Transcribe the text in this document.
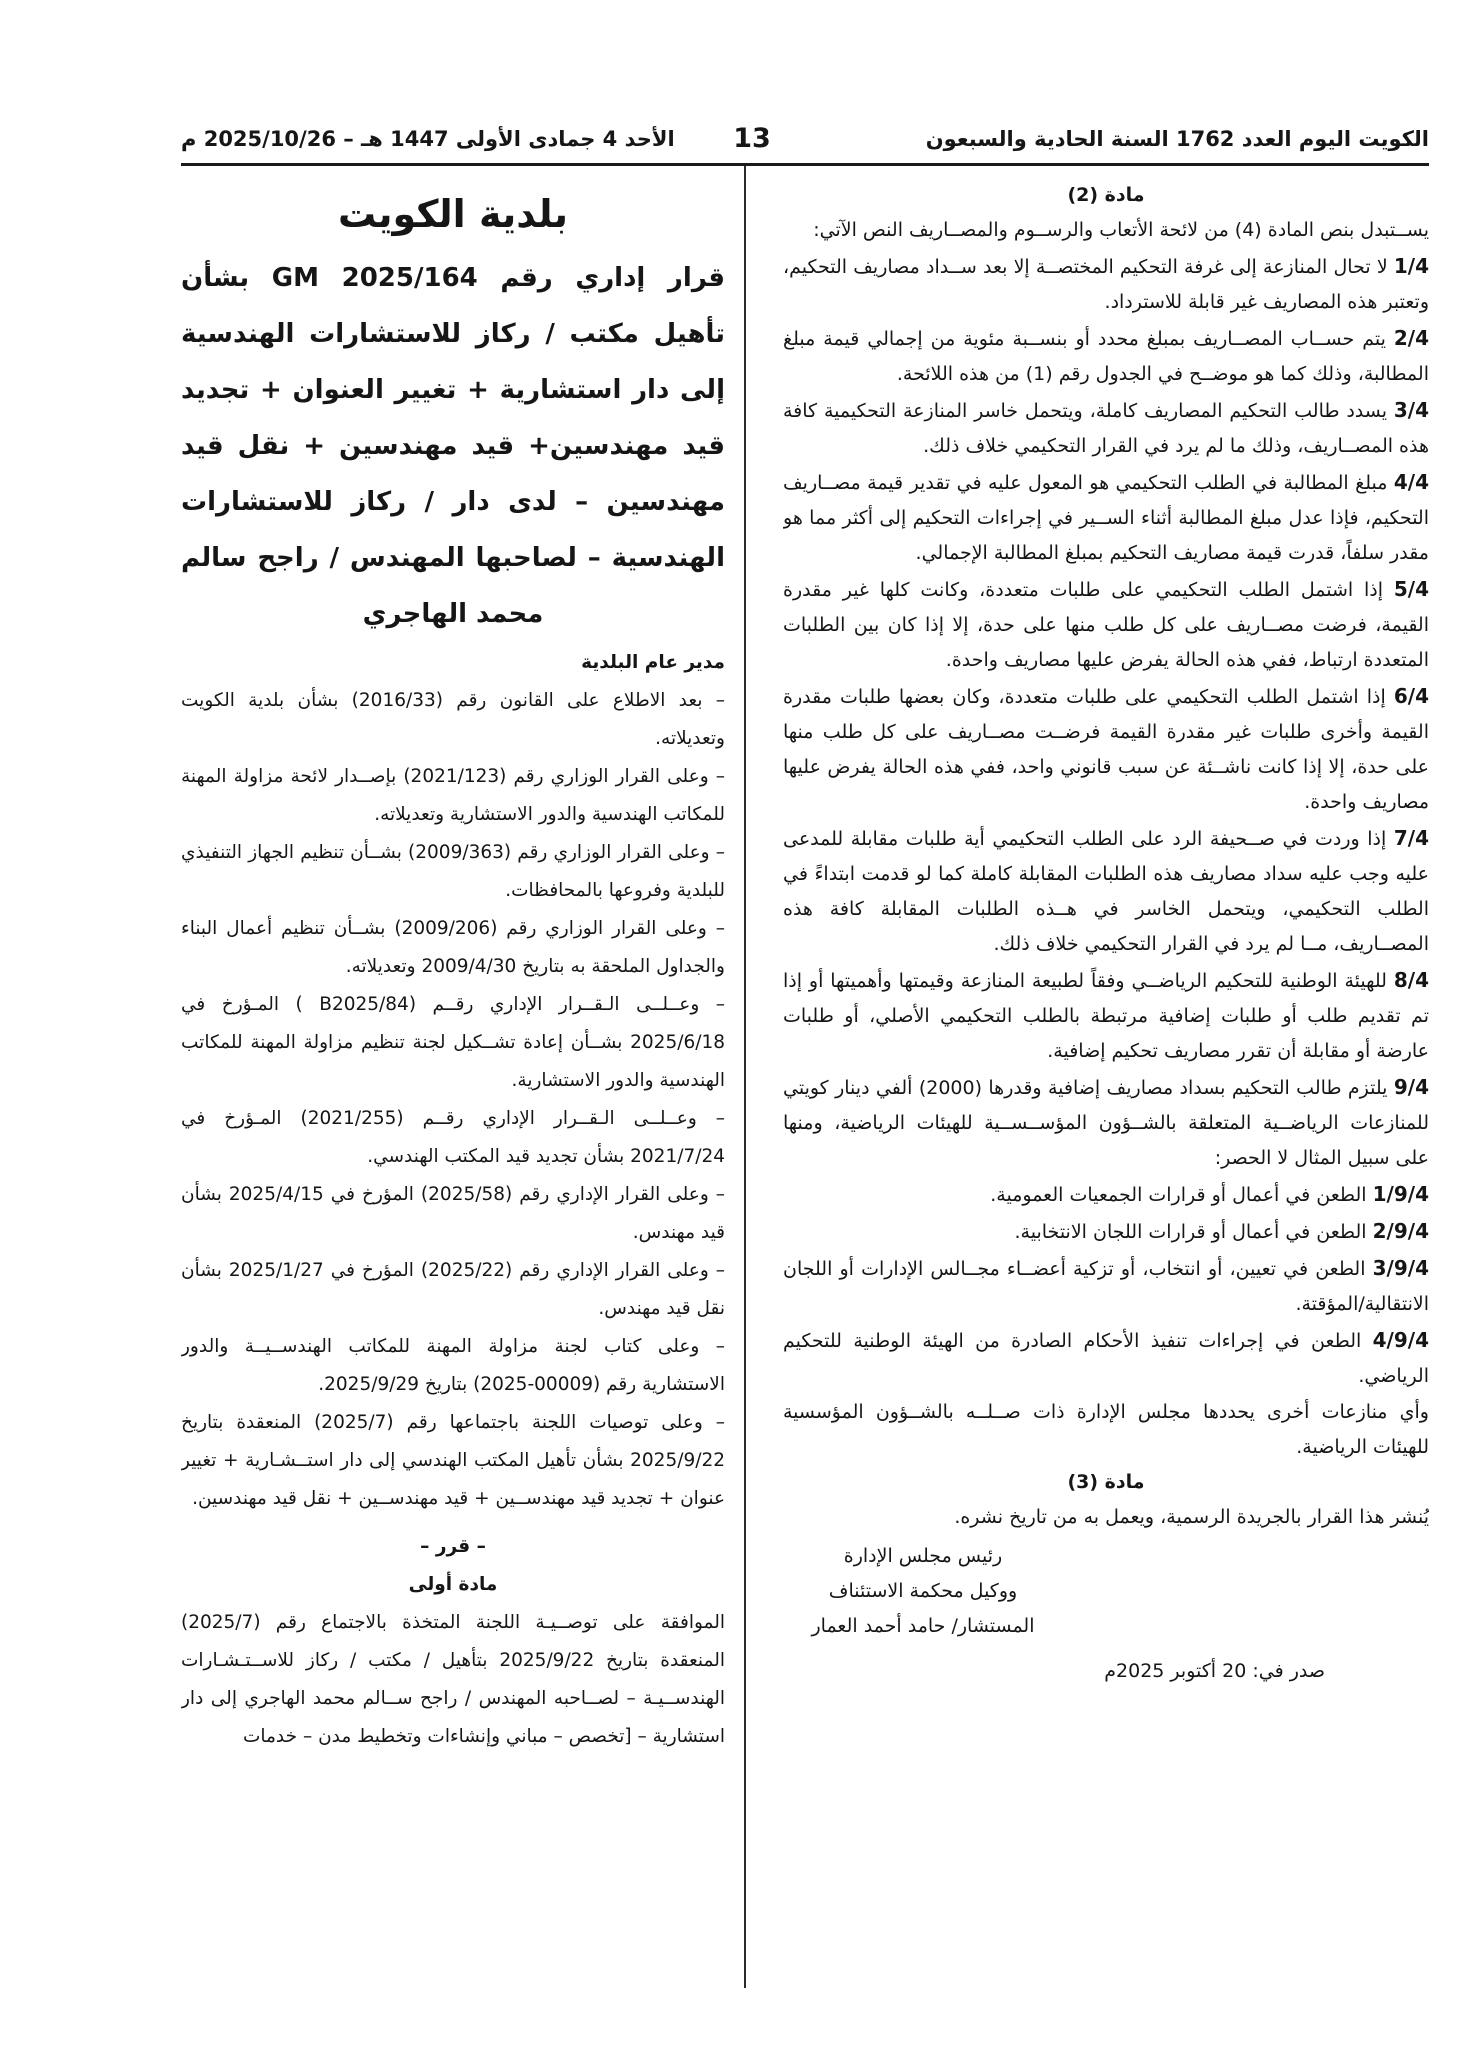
الكويت اليوم العدد 1762 السنة الحادية والسبعون
13
الأحد 4 جمادى الأولى 1447 هـ – 2025/10/26 م

مادة (2)

يســتبدل بنص المادة (4) من لائحة الأتعاب والرســوم والمصــاريف النص الآتي:

1/4 لا تحال المنازعة إلى غرفة التحكيم المختصــة إلا بعد ســداد مصاريف التحكيم، وتعتبر هذه المصاريف غير قابلة للاسترداد.

2/4 يتم حســاب المصــاريف بمبلغ محدد أو بنســبة مئوية من إجمالي قيمة مبلغ المطالبة، وذلك كما هو موضــح في الجدول رقم (1) من هذه اللائحة.

3/4 يسدد طالب التحكيم المصاريف كاملة، ويتحمل خاسر المنازعة التحكيمية كافة هذه المصــاريف، وذلك ما لم يرد في القرار التحكيمي خلاف ذلك.

4/4 مبلغ المطالبة في الطلب التحكيمي هو المعول عليه في تقدير قيمة مصــاريف التحكيم، فإذا عدل مبلغ المطالبة أثناء الســير في إجراءات التحكيم إلى أكثر مما هو مقدر سلفاً، قدرت قيمة مصاريف التحكيم بمبلغ المطالبة الإجمالي.

5/4 إذا اشتمل الطلب التحكيمي على طلبات متعددة، وكانت كلها غير مقدرة القيمة، فرضت مصــاريف على كل طلب منها على حدة، إلا إذا كان بين الطلبات المتعددة ارتباط، ففي هذه الحالة يفرض عليها مصاريف واحدة.

6/4 إذا اشتمل الطلب التحكيمي على طلبات متعددة، وكان بعضها طلبات مقدرة القيمة وأخرى طلبات غير مقدرة القيمة فرضــت مصــاريف على كل طلب منها على حدة، إلا إذا كانت ناشــئة عن سبب قانوني واحد، ففي هذه الحالة يفرض عليها مصاريف واحدة.

7/4 إذا وردت في صــحيفة الرد على الطلب التحكيمي أية طلبات مقابلة للمدعى عليه وجب عليه سداد مصاريف هذه الطلبات المقابلة كاملة كما لو قدمت ابتداءً في الطلب التحكيمي، ويتحمل الخاسر في هــذه الطلبات المقابلة كافة هذه المصــاريف، مــا لم يرد في القرار التحكيمي خلاف ذلك.

8/4 للهيئة الوطنية للتحكيم الرياضــي وفقاً لطبيعة المنازعة وقيمتها وأهميتها أو إذا تم تقديم طلب أو طلبات إضافية مرتبطة بالطلب التحكيمي الأصلي، أو طلبات عارضة أو مقابلة أن تقرر مصاريف تحكيم إضافية.

9/4 يلتزم طالب التحكيم بسداد مصاريف إضافية وقدرها (2000) ألفي دينار كويتي للمنازعات الرياضــية المتعلقة بالشــؤون المؤســســية للهيئات الرياضية، ومنها على سبيل المثال لا الحصر:

1/9/4 الطعن في أعمال أو قرارات الجمعيات العمومية.

2/9/4 الطعن في أعمال أو قرارات اللجان الانتخابية.

3/9/4 الطعن في تعيين، أو انتخاب، أو تزكية أعضــاء مجــالس الإدارات أو اللجان الانتقالية/المؤقتة.

4/9/4 الطعن في إجراءات تنفيذ الأحكام الصادرة من الهيئة الوطنية للتحكيم الرياضي.

وأي منازعات أخرى يحددها مجلس الإدارة ذات صــلــه بالشــؤون المؤسسية للهيئات الرياضية.

مادة (3)

يُنشر هذا القرار بالجريدة الرسمية، ويعمل به من تاريخ نشره.

رئيس مجلس الإدارة

ووكيل محكمة الاستئناف

المستشار/ حامد أحمد العمار

صدر في: 20 أكتوبر 2025م

بلدية الكويت

قرار إداري رقم GM 2025/164 بشأن تأهيل مكتب / ركاز للاستشارات الهندسية إلى دار استشارية + تغيير العنوان + تجديد قيد مهندسين+ قيد مهندسين + نقل قيد مهندسين – لدى دار / ركاز للاستشارات الهندسية – لصاحبها المهندس / راجح سالم محمد الهاجري

مدير عام البلدية

– بعد الاطلاع على القانون رقم (2016/33) بشأن بلدية الكويت وتعديلاته.

– وعلى القرار الوزاري رقم (2021/123) بإصــدار لائحة مزاولة المهنة للمكاتب الهندسية والدور الاستشارية وتعديلاته.

– وعلى القرار الوزاري رقم (2009/363) بشــأن تنظيم الجهاز التنفيذي للبلدية وفروعها بالمحافظات.

– وعلى القرار الوزاري رقم (2009/206) بشــأن تنظيم أعمال البناء والجداول الملحقة به بتاريخ 2009/4/30 وتعديلاته.

– وعــلــى الـقــرار الإداري رقــم (B2025/84 ) المـؤرخ في 2025/6/18 بشــأن إعادة تشــكيل لجنة تنظيم مزاولة المهنة للمكاتب الهندسية والدور الاستشارية.

– وعــلــى الـقــرار الإداري رقــم (2021/255) المـؤرخ في 2021/7/24 بشأن تجديد قيد المكتب الهندسي.

– وعلى القرار الإداري رقم (2025/58) المؤرخ في 2025/4/15 بشأن قيد مهندس.

– وعلى القرار الإداري رقم (2025/22) المؤرخ في 2025/1/27 بشأن نقل قيد مهندس.

– وعلى كتاب لجنة مزاولة المهنة للمكاتب الهندســيــة والدور الاستشارية رقم (00009-2025) بتاريخ 2025/9/29.

– وعلى توصيات اللجنة باجتماعها رقم (2025/7) المنعقدة بتاريخ 2025/9/22 بشأن تأهيل المكتب الهندسي إلى دار استــشـارية + تغيير عنوان + تجديد قيد مهندســين + قيد مهندســين + نقل قيد مهندسين.

– قرر –

مادة أولى

الموافقة على توصــيـة اللجنة المتخذة بالاجتماع رقم (2025/7) المنعقدة بتاريخ 2025/9/22 بتأهيل / مكتب / ركاز للاســتـشـارات الهندســيـة – لصــاحبه المهندس / راجح ســالم محمد الهاجري إلى دار استشارية – [تخصص – مباني وإنشاءات وتخطيط مدن – خدمات
